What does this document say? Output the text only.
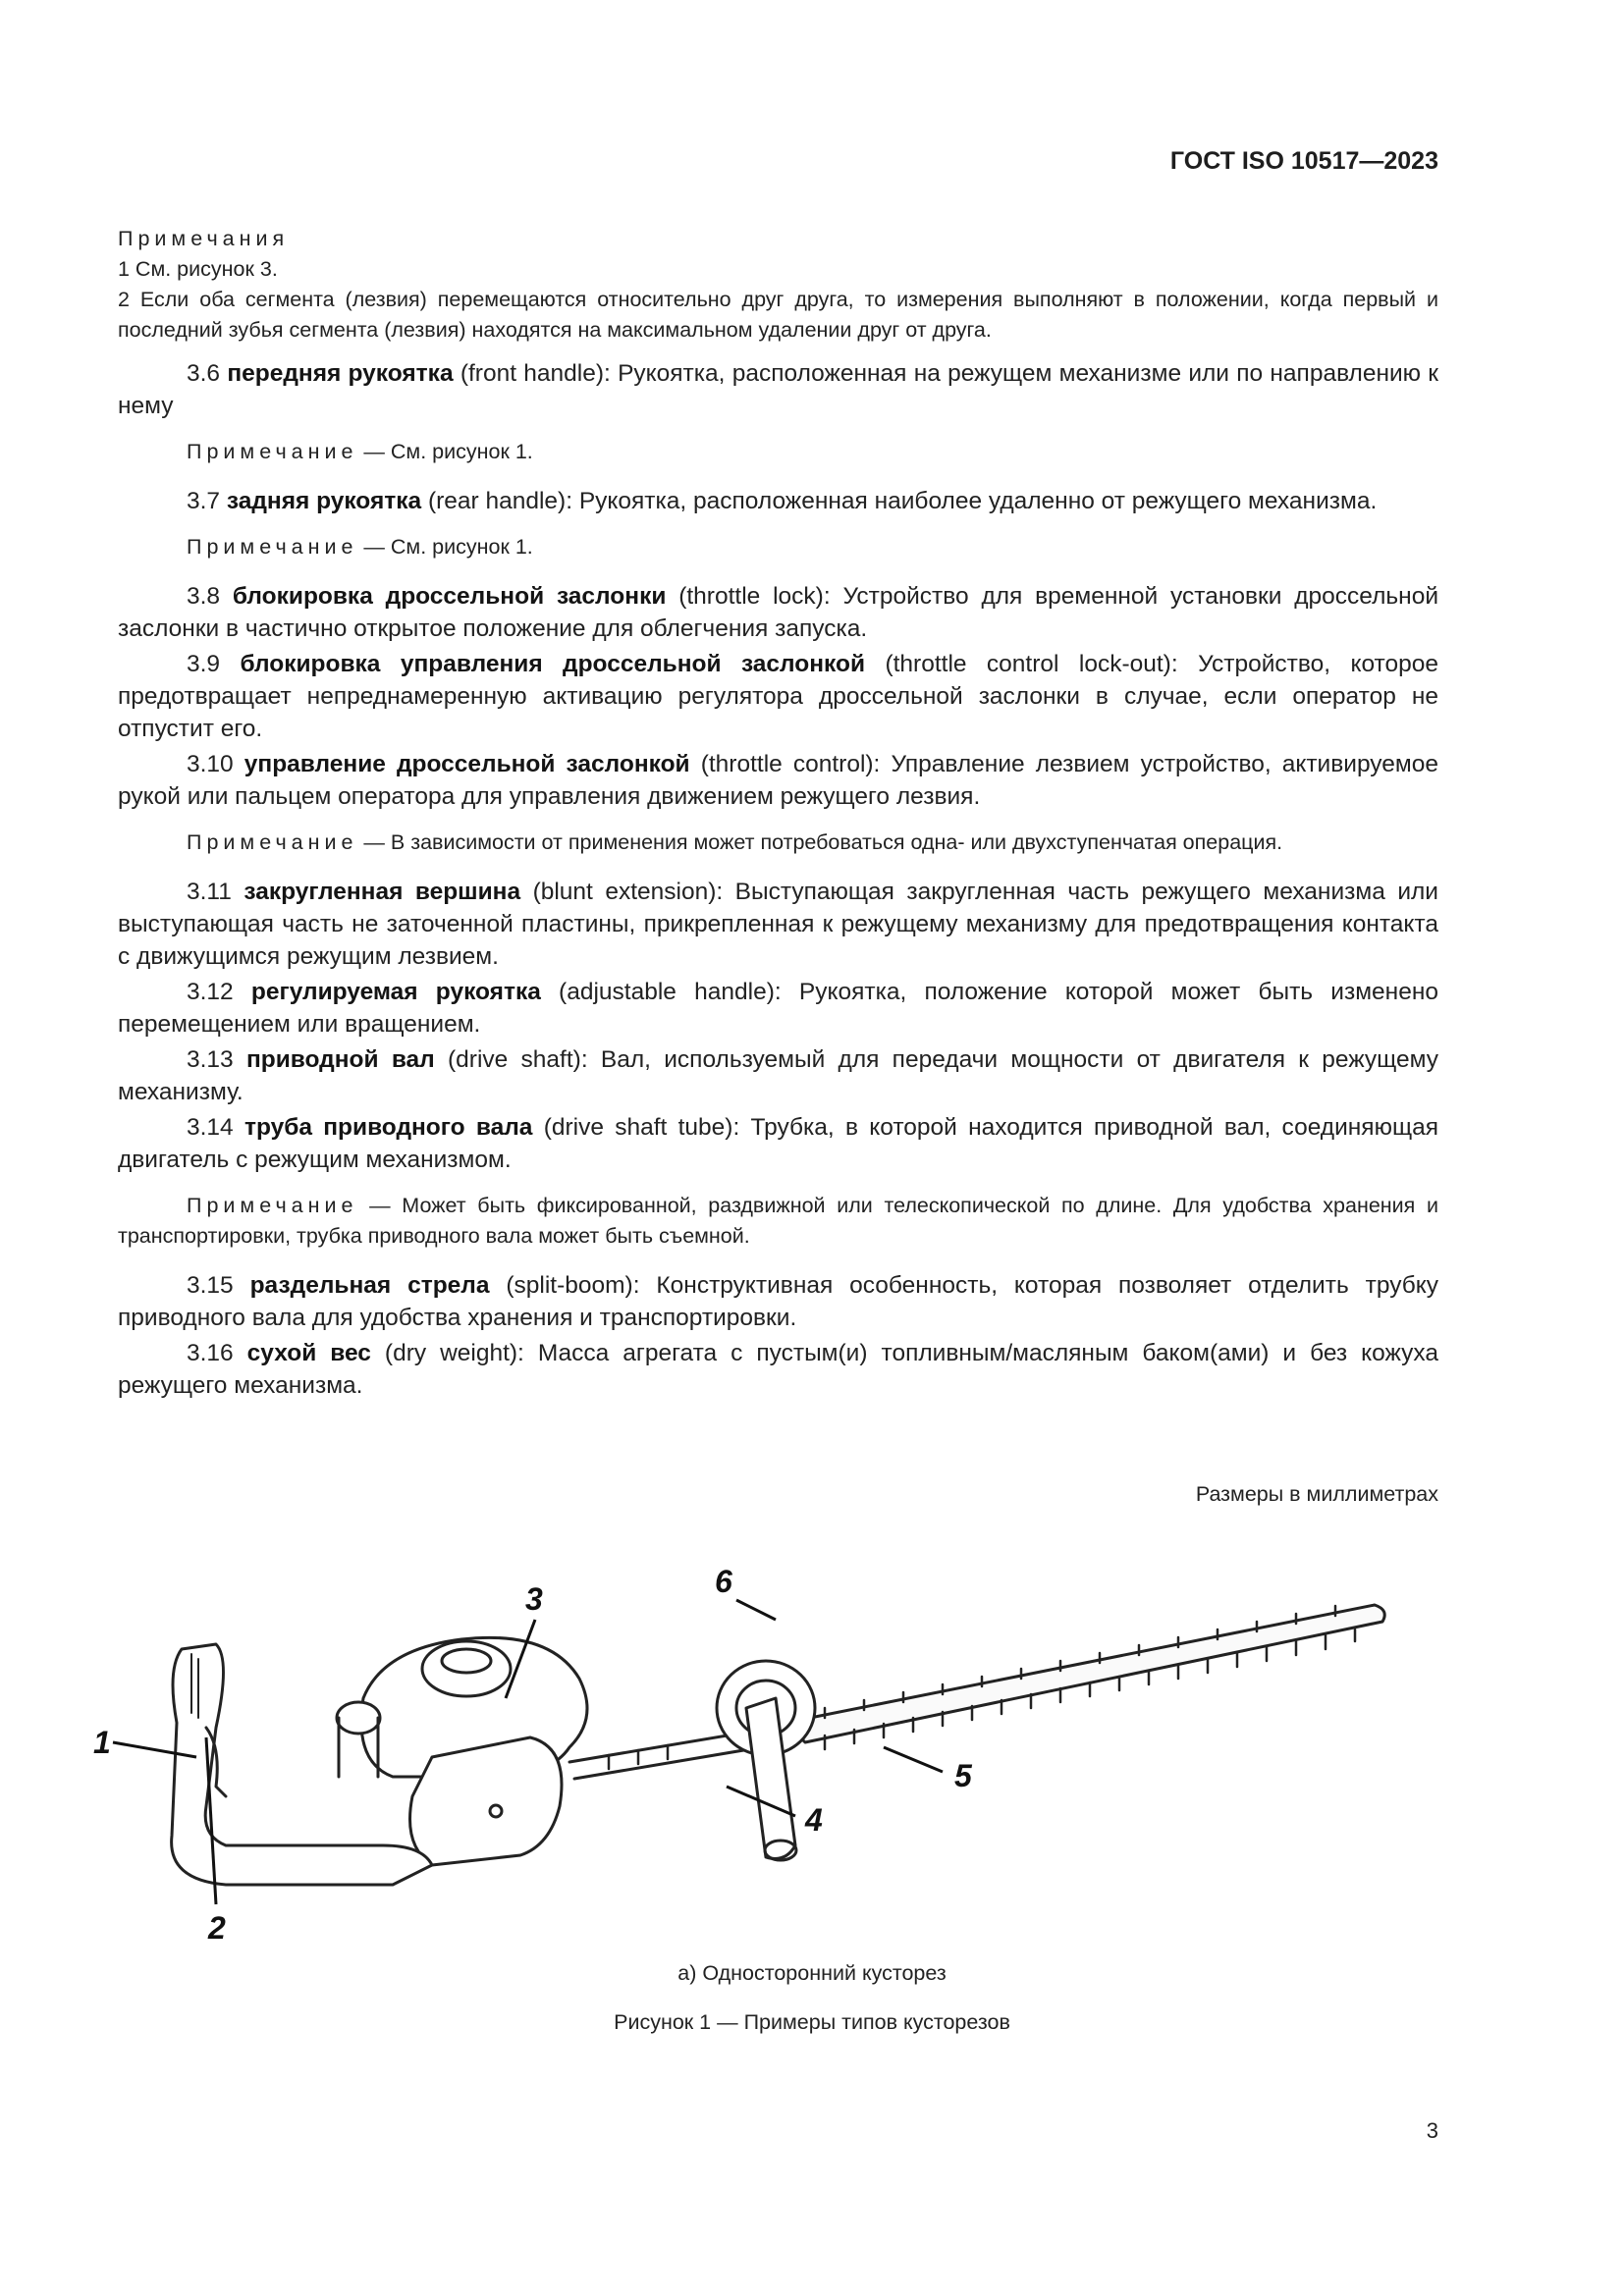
ГОСТ ISO 10517—2023
Примечания
1 См. рисунок 3.
2 Если оба сегмента (лезвия) перемещаются относительно друг друга, то измерения выполняют в положении, когда первый и последний зубья сегмента (лезвия) находятся на максимальном удалении друг от друга.

3.6 передняя рукоятка (front handle): Рукоятка, расположенная на режущем механизме или по направлению к нему

Примечание — См. рисунок 1.

3.7 задняя рукоятка (rear handle): Рукоятка, расположенная наиболее удаленно от режущего механизма.

Примечание — См. рисунок 1.

3.8 блокировка дроссельной заслонки (throttle lock): Устройство для временной установки дроссельной заслонки в частично открытое положение для облегчения запуска.

3.9 блокировка управления дроссельной заслонкой (throttle control lock-out): Устройство, которое предотвращает непреднамеренную активацию регулятора дроссельной заслонки в случае, если оператор не отпустит его.

3.10 управление дроссельной заслонкой (throttle control): Управление лезвием устройство, активируемое рукой или пальцем оператора для управления движением режущего лезвия.

Примечание — В зависимости от применения может потребоваться одна- или двухступенчатая операция.

3.11 закругленная вершина (blunt extension): Выступающая закругленная часть режущего механизма или выступающая часть не заточенной пластины, прикрепленная к режущему механизму для предотвращения контакта с движущимся режущим лезвием.

3.12 регулируемая рукоятка (adjustable handle): Рукоятка, положение которой может быть изменено перемещением или вращением.

3.13 приводной вал (drive shaft): Вал, используемый для передачи мощности от двигателя к режущему механизму.

3.14 труба приводного вала (drive shaft tube): Трубка, в которой находится приводной вал, соединяющая двигатель с режущим механизмом.

Примечание — Может быть фиксированной, раздвижной или телескопической по длине. Для удобства хранения и транспортировки, трубка приводного вала может быть съемной.

3.15 раздельная стрела (split-boom): Конструктивная особенность, которая позволяет отделить трубку приводного вала для удобства хранения и транспортировки.

3.16 сухой вес (dry weight): Масса агрегата с пустым(и) топливным/масляным баком(ами) и без кожуха режущего механизма.

Размеры в миллиметрах
1
2
3
4
5
6
а) Односторонний кусторез
Рисунок 1 — Примеры типов кусторезов
3
